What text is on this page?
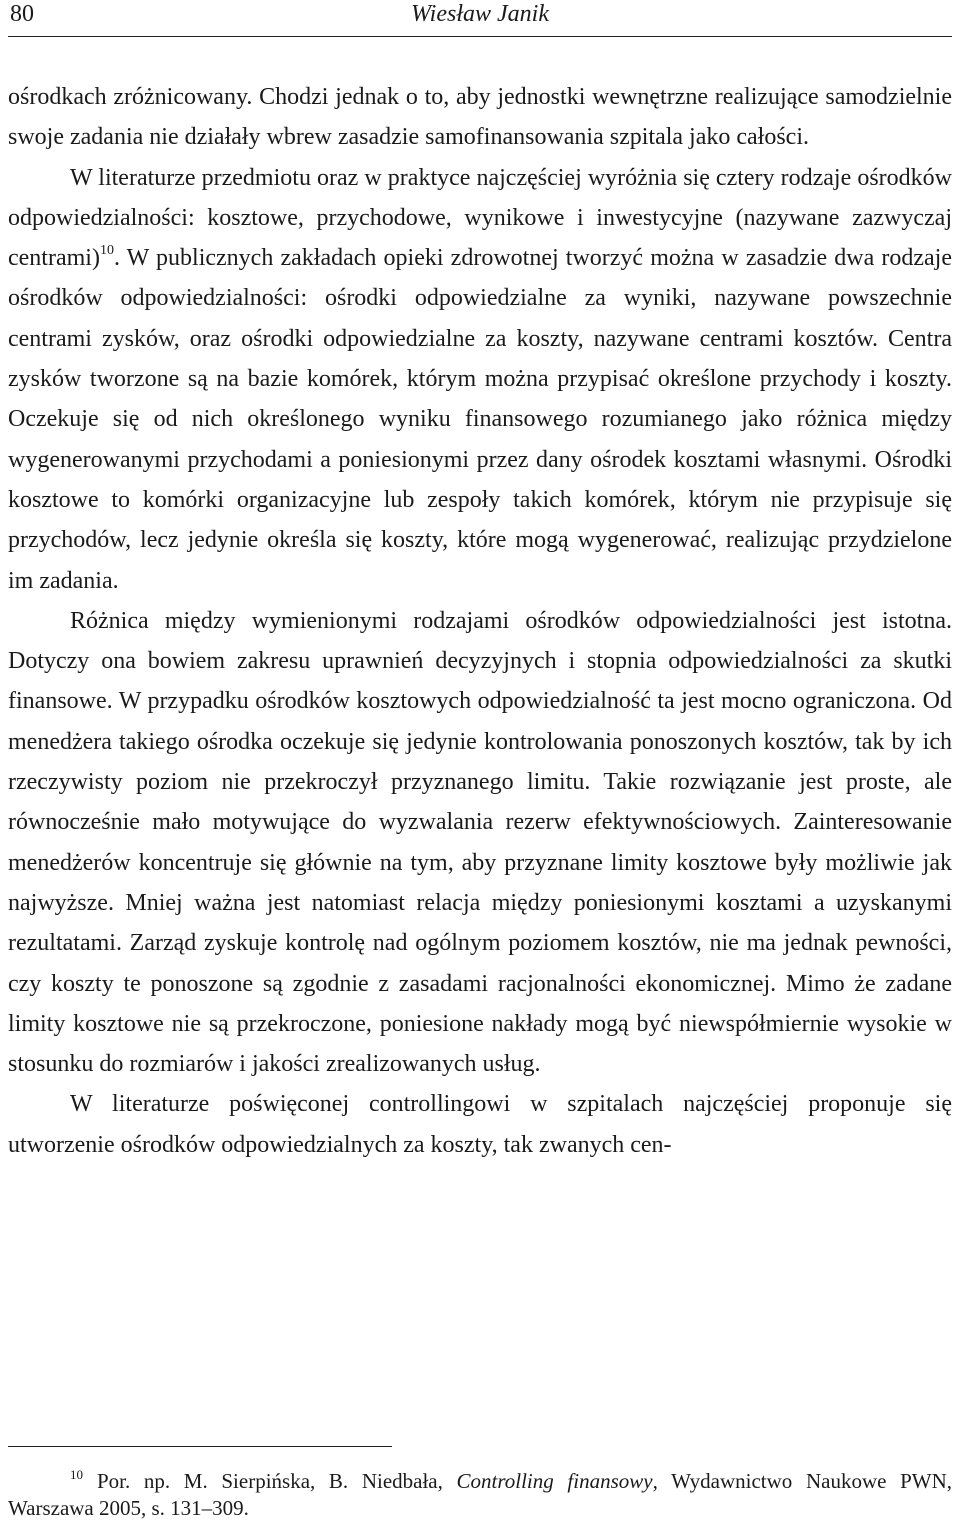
80	Wiesław Janik

ośrodkach zróżnicowany. Chodzi jednak o to, aby jednostki wewnętrzne realizujące samodzielnie swoje zadania nie działały wbrew zasadzie samofinansowania szpitala jako całości.

W literaturze przedmiotu oraz w praktyce najczęściej wyróżnia się cztery rodzaje ośrodków odpowiedzialności: kosztowe, przychodowe, wynikowe i inwestycyjne (nazywane zazwyczaj centrami)$^{10}$. W publicznych zakładach opieki zdrowotnej tworzyć można w zasadzie dwa rodzaje ośrodków odpowiedzialności: ośrodki odpowiedzialne za wyniki, nazywane powszechnie centrami zysków, oraz ośrodki odpowiedzialne za koszty, nazywane centrami kosztów. Centra zysków tworzone są na bazie komórek, którym można przypisać określone przychody i koszty. Oczekuje się od nich określonego wyniku finansowego rozumianego jako różnica między wygenerowanymi przychodami a poniesionymi przez dany ośrodek kosztami własnymi. Ośrodki kosztowe to komórki organizacyjne lub zespoły takich komórek, którym nie przypisuje się przychodów, lecz jedynie określa się koszty, które mogą wygenerować, realizując przydzielone im zadania.

Różnica między wymienionymi rodzajami ośrodków odpowiedzialności jest istotna. Dotyczy ona bowiem zakresu uprawnień decyzyjnych i stopnia odpowiedzialności za skutki finansowe. W przypadku ośrodków kosztowych odpowiedzialność ta jest mocno ograniczona. Od menedżera takiego ośrodka oczekuje się jedynie kontrolowania ponoszonych kosztów, tak by ich rzeczywisty poziom nie przekroczył przyznanego limitu. Takie rozwiązanie jest proste, ale równocześnie mało motywujące do wyzwalania rezerw efektywnościowych. Zainteresowanie menedżerów koncentruje się głównie na tym, aby przyznane limity kosztowe były możliwie jak najwyższe. Mniej ważna jest natomiast relacja między poniesionymi kosztami a uzyskanymi rezultatami. Zarząd zyskuje kontrolę nad ogólnym poziomem kosztów, nie ma jednak pewności, czy koszty te ponoszone są zgodnie z zasadami racjonalności ekonomicznej. Mimo że zadane limity kosztowe nie są przekroczone, poniesione nakłady mogą być niewspółmiernie wysokie w stosunku do rozmiarów i jakości zrealizowanych usług.

W literaturze poświęconej controllingowi w szpitalach najczęściej proponuje się utworzenie ośrodków odpowiedzialnych za koszty, tak zwanych cen-

$^{10}$ Por. np. M. Sierpińska, B. Niedbała, Controlling finansowy, Wydawnictwo Naukowe PWN, Warszawa 2005, s. 131–309.
